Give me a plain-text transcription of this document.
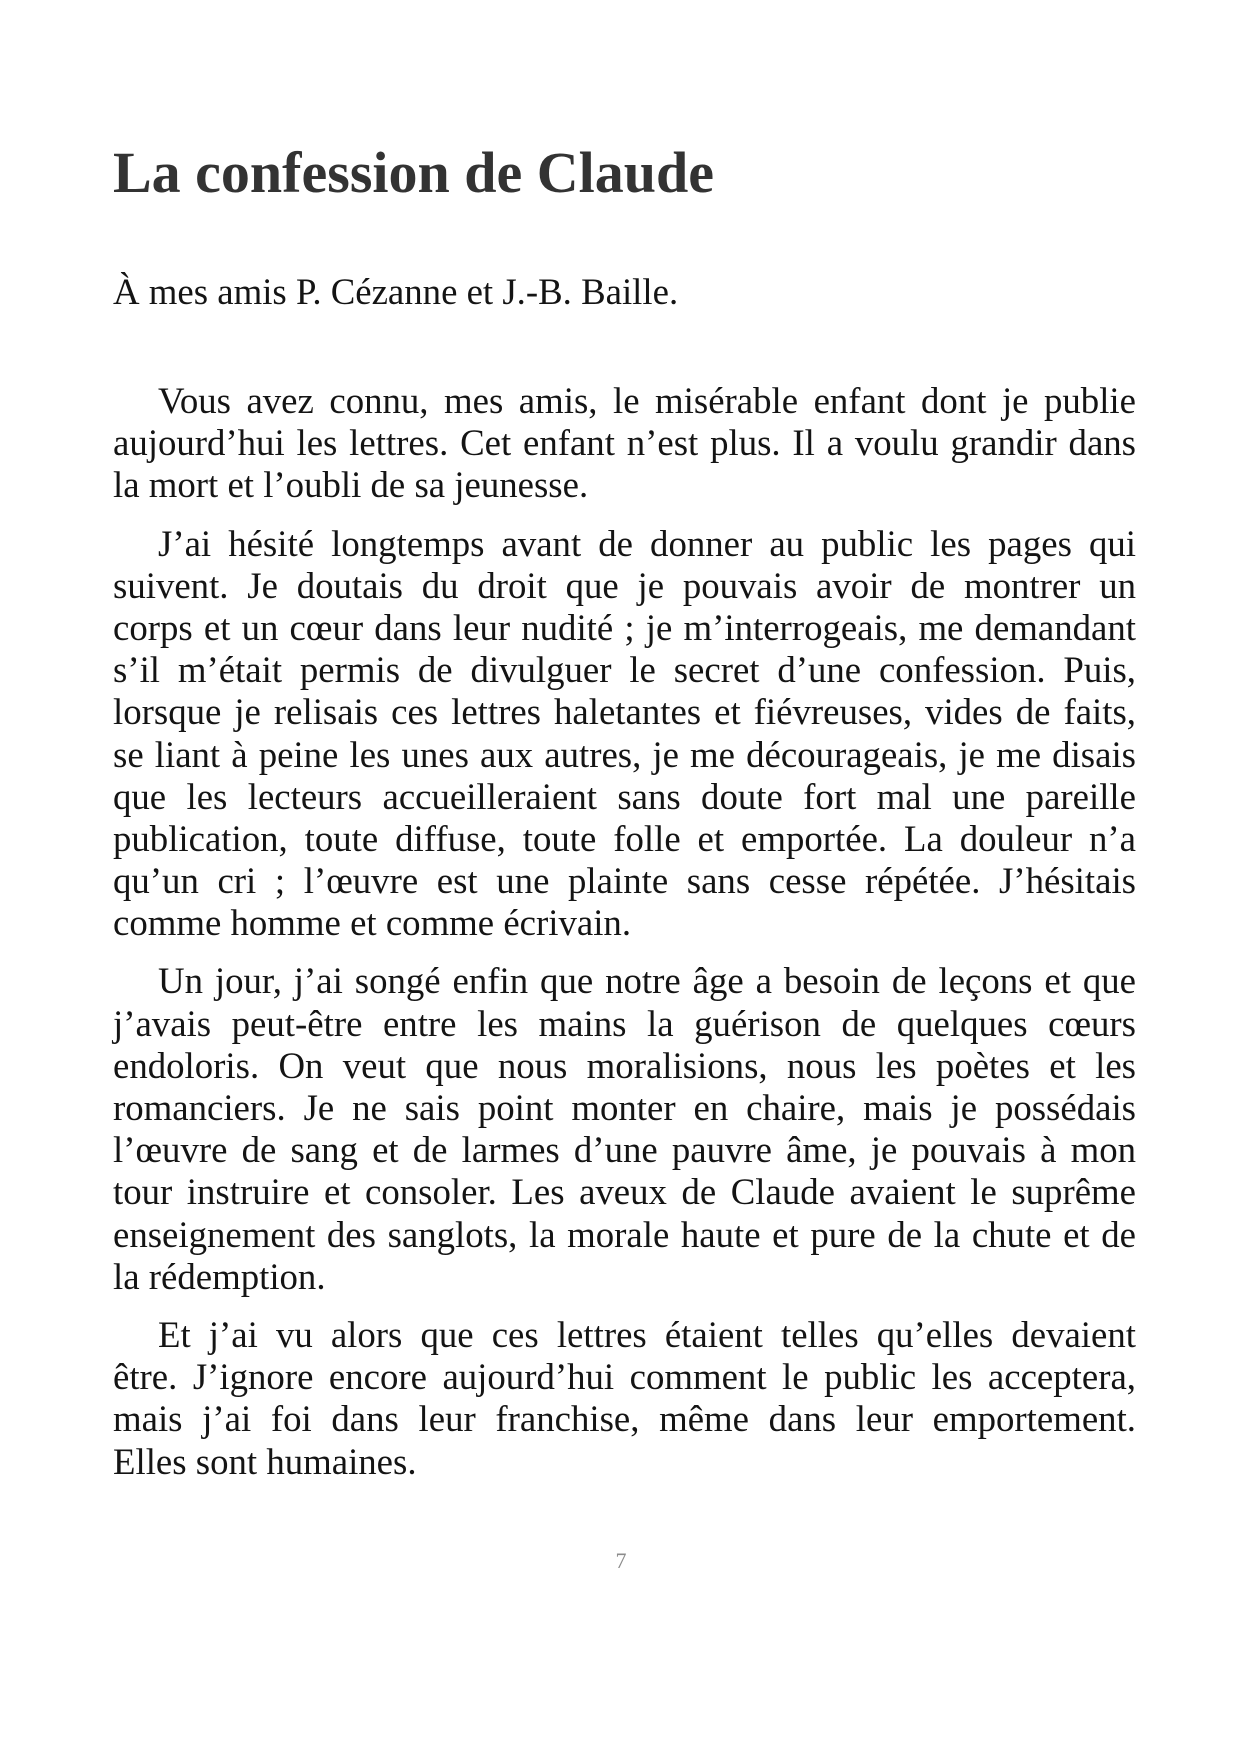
La confession de Claude
À mes amis P. Cézanne et J.-B. Baille.
Vous avez connu, mes amis, le misérable enfant dont je publie
aujourd’hui les lettres. Cet enfant n’est plus. Il a voulu grandir dans
la mort et l’oubli de sa jeunesse.
J’ai hésité longtemps avant de donner au public les pages qui
suivent. Je doutais du droit que je pouvais avoir de montrer un
corps et un cœur dans leur nudité ; je m’interrogeais, me demandant
s’il m’était permis de divulguer le secret d’une confession. Puis,
lorsque je relisais ces lettres haletantes et fiévreuses, vides de faits,
se liant à peine les unes aux autres, je me décourageais, je me disais
que les lecteurs accueilleraient sans doute fort mal une pareille
publication, toute diffuse, toute folle et emportée. La douleur n’a
qu’un cri ; l’œuvre est une plainte sans cesse répétée. J’hésitais
comme homme et comme écrivain.
Un jour, j’ai songé enfin que notre âge a besoin de leçons et que
j’avais peut-être entre les mains la guérison de quelques cœurs
endoloris. On veut que nous moralisions, nous les poètes et les
romanciers. Je ne sais point monter en chaire, mais je possédais
l’œuvre de sang et de larmes d’une pauvre âme, je pouvais à mon
tour instruire et consoler. Les aveux de Claude avaient le suprême
enseignement des sanglots, la morale haute et pure de la chute et de
la rédemption.
Et j’ai vu alors que ces lettres étaient telles qu’elles devaient
être. J’ignore encore aujourd’hui comment le public les acceptera,
mais j’ai foi dans leur franchise, même dans leur emportement.
Elles sont humaines.
7
